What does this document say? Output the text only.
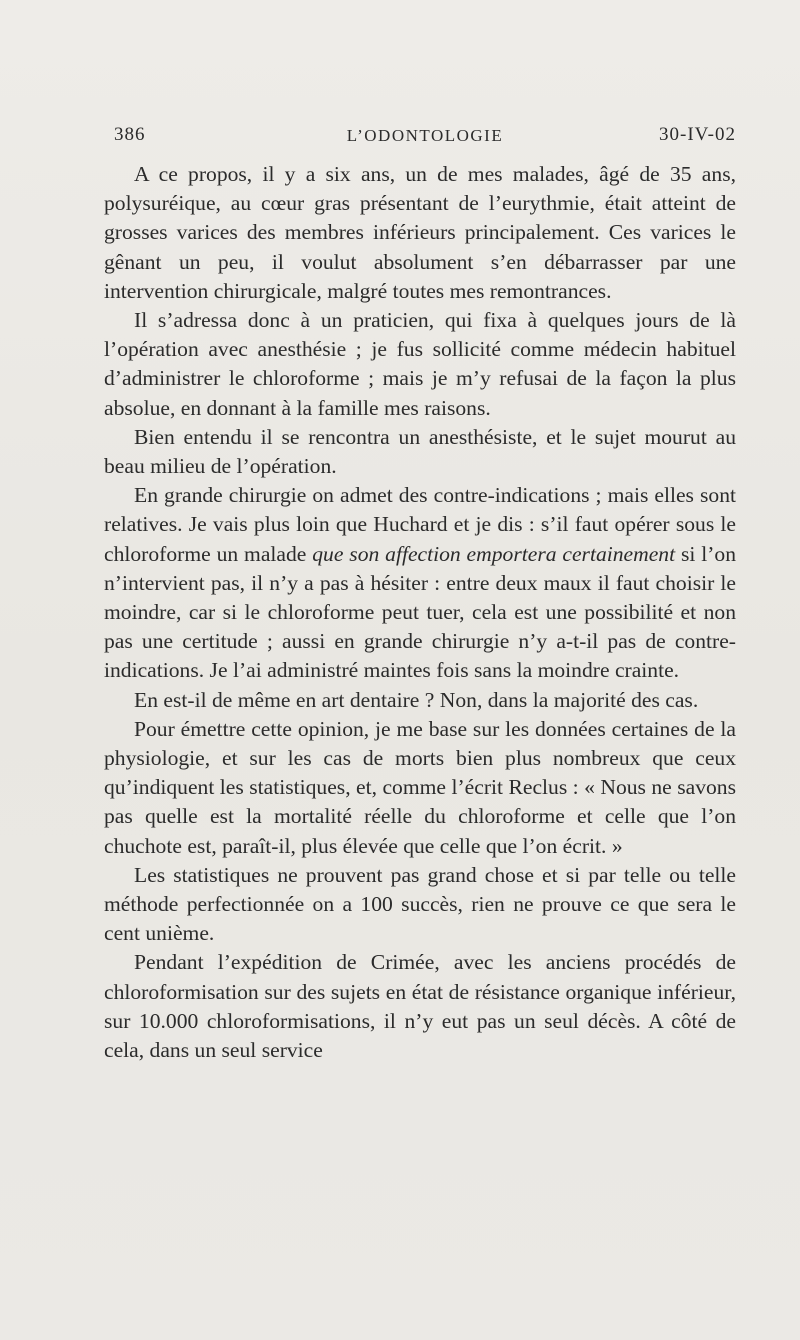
386	L’ODONTOLOGIE	30-IV-02

A ce propos, il y a six ans, un de mes malades, âgé de 35 ans, polysuréique, au cœur gras présentant de l’eurythmie, était atteint de grosses varices des membres inférieurs principalement. Ces varices le gênant un peu, il voulut absolument s’en débarrasser par une intervention chirurgicale, malgré toutes mes remontrances.

Il s’adressa donc à un praticien, qui fixa à quelques jours de là l’opération avec anesthésie ; je fus sollicité comme médecin habituel d’administrer le chloroforme ; mais je m’y refusai de la façon la plus absolue, en donnant à la famille mes raisons.

Bien entendu il se rencontra un anesthésiste, et le sujet mourut au beau milieu de l’opération.

En grande chirurgie on admet des contre-indications ; mais elles sont relatives. Je vais plus loin que Huchard et je dis : s’il faut opérer sous le chloroforme un malade que son affection emportera certainement si l’on n’intervient pas, il n’y a pas à hésiter : entre deux maux il faut choisir le moindre, car si le chloroforme peut tuer, cela est une possibilité et non pas une certitude ; aussi en grande chirurgie n’y a-t-il pas de contre-indications. Je l’ai administré maintes fois sans la moindre crainte.

En est-il de même en art dentaire ? Non, dans la majorité des cas.

Pour émettre cette opinion, je me base sur les données certaines de la physiologie, et sur les cas de morts bien plus nombreux que ceux qu’indiquent les statistiques, et, comme l’écrit Reclus : « Nous ne savons pas quelle est la mortalité réelle du chloroforme et celle que l’on chuchote est, paraît-il, plus élevée que celle que l’on écrit. »

Les statistiques ne prouvent pas grand chose et si par telle ou telle méthode perfectionnée on a 100 succès, rien ne prouve ce que sera le cent unième.

Pendant l’expédition de Crimée, avec les anciens procédés de chloroformisation sur des sujets en état de résistance organique inférieur, sur 10.000 chloroformisations, il n’y eut pas un seul décès. A côté de cela, dans un seul service
